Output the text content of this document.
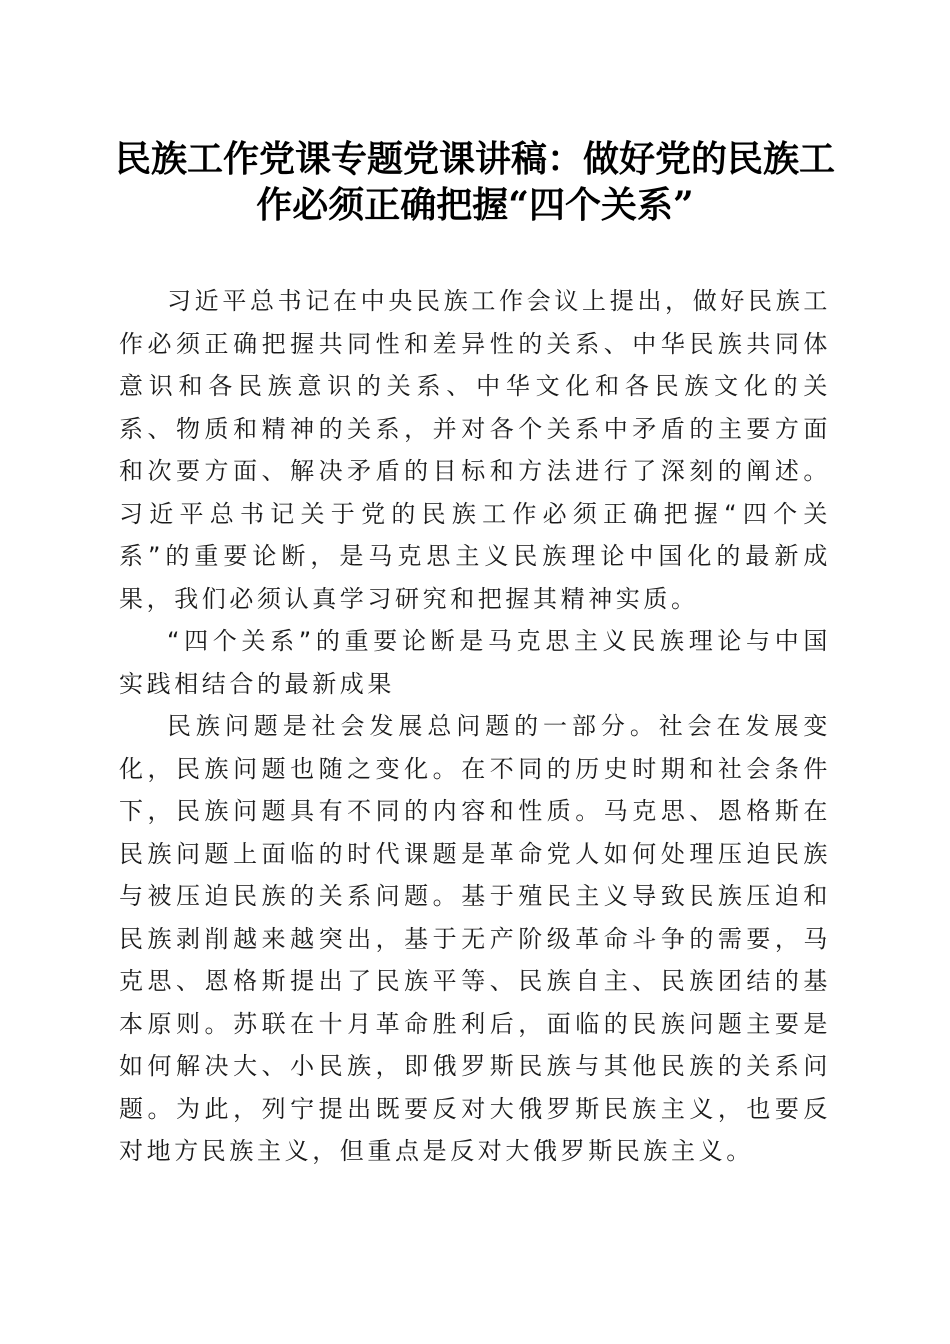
民族工作党课专题党课讲稿：做好党的民族工
作必须正确把握“四个关系”

习近平总书记在中央民族工作会议上提出，做好民族工作必须正确把握共同性和差异性的关系、中华民族共同体意识和各民族意识的关系、中华文化和各民族文化的关系、物质和精神的关系，并对各个关系中矛盾的主要方面和次要方面、解决矛盾的目标和方法进行了深刻的阐述。习近平总书记关于党的民族工作必须正确把握“四个关系”的重要论断，是马克思主义民族理论中国化的最新成果，我们必须认真学习研究和把握其精神实质。

“四个关系”的重要论断是马克思主义民族理论与中国实践相结合的最新成果

民族问题是社会发展总问题的一部分。社会在发展变化，民族问题也随之变化。在不同的历史时期和社会条件下，民族问题具有不同的内容和性质。马克思、恩格斯在民族问题上面临的时代课题是革命党人如何处理压迫民族与被压迫民族的关系问题。基于殖民主义导致民族压迫和民族剥削越来越突出，基于无产阶级革命斗争的需要，马克思、恩格斯提出了民族平等、民族自主、民族团结的基本原则。苏联在十月革命胜利后，面临的民族问题主要是如何解决大、小民族，即俄罗斯民族与其他民族的关系问题。为此，列宁提出既要反对大俄罗斯民族主义，也要反对地方民族主义，但重点是反对大俄罗斯民族主义。
